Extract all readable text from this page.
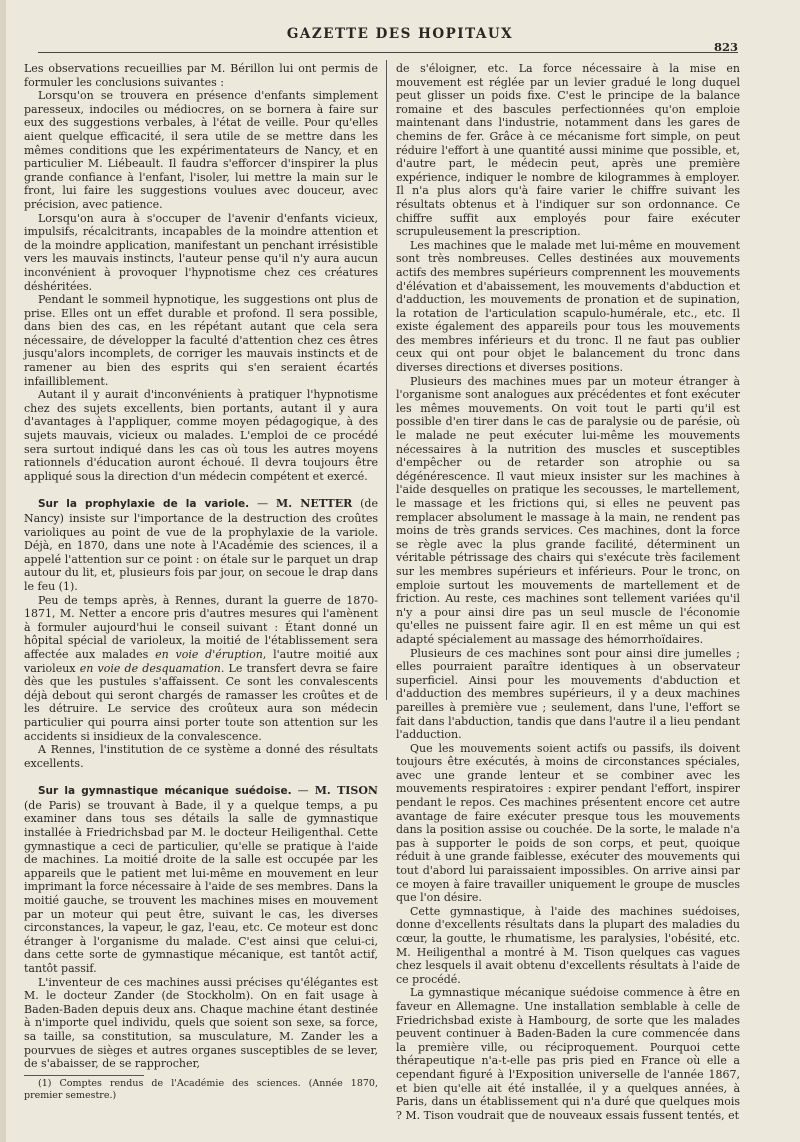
GAZETTE DES HOPITAUX
823

Les observations recueillies par M. Bérillon lui ont permis de formuler les conclusions suivantes :

Lorsqu'on se trouvera en présence d'enfants simplement paresseux, indociles ou médiocres, on se bornera à faire sur eux des suggestions verbales, à l'état de veille. Pour qu'elles aient quelque efficacité, il sera utile de se mettre dans les mêmes conditions que les expérimentateurs de Nancy, et en particulier M. Liébeault. Il faudra s'efforcer d'inspirer la plus grande confiance à l'enfant, l'isoler, lui mettre la main sur le front, lui faire les suggestions voulues avec douceur, avec précision, avec patience.

Lorsqu'on aura à s'occuper de l'avenir d'enfants vicieux, impulsifs, récalcitrants, incapables de la moindre attention et de la moindre application, manifestant un penchant irrésistible vers les mauvais instincts, l'auteur pense qu'il n'y aura aucun inconvénient à provoquer l'hypnotisme chez ces créatures déshéritées.

Pendant le sommeil hypnotique, les suggestions ont plus de prise. Elles ont un effet durable et profond. Il sera possible, dans bien des cas, en les répétant autant que cela sera nécessaire, de développer la faculté d'attention chez ces êtres jusqu'alors incomplets, de corriger les mauvais instincts et de ramener au bien des esprits qui s'en seraient écartés infailliblement.

Autant il y aurait d'inconvénients à pratiquer l'hypnotisme chez des sujets excellents, bien portants, autant il y aura d'avantages à l'appliquer, comme moyen pédagogique, à des sujets mauvais, vicieux ou malades. L'emploi de ce procédé sera surtout indiqué dans les cas où tous les autres moyens rationnels d'éducation auront échoué. Il devra toujours être appliqué sous la direction d'un médecin compétent et exercé.

Sur la prophylaxie de la variole. — M. NETTER (de Nancy) insiste sur l'importance de la destruction des croûtes varioliques au point de vue de la prophylaxie de la variole. Déjà, en 1870, dans une note à l'Académie des sciences, il a appelé l'attention sur ce point : on étale sur le parquet un drap autour du lit, et, plusieurs fois par jour, on secoue le drap dans le feu (1).

Peu de temps après, à Rennes, durant la guerre de 1870-1871, M. Netter a encore pris d'autres mesures qui l'amènent à formuler aujourd'hui le conseil suivant : Étant donné un hôpital spécial de varioleux, la moitié de l'établissement sera affectée aux malades en voie d'éruption, l'autre moitié aux varioleux en voie de desquamation. Le transfert devra se faire dès que les pustules s'affaissent. Ce sont les convalescents déjà debout qui seront chargés de ramasser les croûtes et de les détruire. Le service des croûteux aura son médecin particulier qui pourra ainsi porter toute son attention sur les accidents si insidieux de la convalescence.

A Rennes, l'institution de ce système a donné des résultats excellents.

Sur la gymnastique mécanique suédoise. — M. TISON (de Paris) se trouvant à Bade, il y a quelque temps, a pu examiner dans tous ses détails la salle de gymnastique installée à Friedrichsbad par M. le docteur Heiligenthal. Cette gymnastique a ceci de particulier, qu'elle se pratique à l'aide de machines. La moitié droite de la salle est occupée par les appareils que le patient met lui-même en mouvement en leur imprimant la force nécessaire à l'aide de ses membres. Dans la moitié gauche, se trouvent les machines mises en mouvement par un moteur qui peut être, suivant le cas, les diverses circonstances, la vapeur, le gaz, l'eau, etc. Ce moteur est donc étranger à l'organisme du malade. C'est ainsi que celui-ci, dans cette sorte de gymnastique mécanique, est tantôt actif, tantôt passif.

L'inventeur de ces machines aussi précises qu'élégantes est M. le docteur Zander (de Stockholm). On en fait usage à Baden-Baden depuis deux ans. Chaque machine étant destinée à n'importe quel individu, quels que soient son sexe, sa force, sa taille, sa constitution, sa musculature, M. Zander les a pourvues de sièges et autres organes susceptibles de se lever, de s'abaisser, de se rapprocher,

(1) Comptes rendus de l'Académie des sciences. (Année 1870, premier semestre.)

de s'éloigner, etc. La force nécessaire à la mise en mouvement est réglée par un levier gradué le long duquel peut glisser un poids fixe. C'est le principe de la balance romaine et des bascules perfectionnées qu'on emploie maintenant dans l'industrie, notamment dans les gares de chemins de fer. Grâce à ce mécanisme fort simple, on peut réduire l'effort à une quantité aussi minime que possible, et, d'autre part, le médecin peut, après une première expérience, indiquer le nombre de kilogrammes à employer. Il n'a plus alors qu'à faire varier le chiffre suivant les résultats obtenus et à l'indiquer sur son ordonnance. Ce chiffre suffit aux employés pour faire exécuter scrupuleusement la prescription.

Les machines que le malade met lui-même en mouvement sont très nombreuses. Celles destinées aux mouvements actifs des membres supérieurs comprennent les mouvements d'élévation et d'abaissement, les mouvements d'abduction et d'adduction, les mouvements de pronation et de supination, la rotation de l'articulation scapulo-humérale, etc., etc. Il existe également des appareils pour tous les mouvements des membres inférieurs et du tronc. Il ne faut pas oublier ceux qui ont pour objet le balancement du tronc dans diverses directions et diverses positions.

Plusieurs des machines mues par un moteur étranger à l'organisme sont analogues aux précédentes et font exécuter les mêmes mouvements. On voit tout le parti qu'il est possible d'en tirer dans le cas de paralysie ou de parésie, où le malade ne peut exécuter lui-même les mouvements nécessaires à la nutrition des muscles et susceptibles d'empêcher ou de retarder son atrophie ou sa dégénérescence. Il vaut mieux insister sur les machines à l'aide desquelles on pratique les secousses, le martellement, le massage et les frictions qui, si elles ne peuvent pas remplacer absolument le massage à la main, ne rendent pas moins de très grands services. Ces machines, dont la force se règle avec la plus grande facilité, déterminent un véritable pétrissage des chairs qui s'exécute très facilement sur les membres supérieurs et inférieurs. Pour le tronc, on emploie surtout les mouvements de martellement et de friction. Au reste, ces machines sont tellement variées qu'il n'y a pour ainsi dire pas un seul muscle de l'économie qu'elles ne puissent faire agir. Il en est même un qui est adapté spécialement au massage des hémorrhoïdaires.

Plusieurs de ces machines sont pour ainsi dire jumelles ; elles pourraient paraître identiques à un observateur superficiel. Ainsi pour les mouvements d'abduction et d'adduction des membres supérieurs, il y a deux machines pareilles à première vue ; seulement, dans l'une, l'effort se fait dans l'abduction, tandis que dans l'autre il a lieu pendant l'adduction.

Que les mouvements soient actifs ou passifs, ils doivent toujours être exécutés, à moins de circonstances spéciales, avec une grande lenteur et se combiner avec les mouvements respiratoires : expirer pendant l'effort, inspirer pendant le repos. Ces machines présentent encore cet autre avantage de faire exécuter presque tous les mouvements dans la position assise ou couchée. De la sorte, le malade n'a pas à supporter le poids de son corps, et peut, quoique réduit à une grande faiblesse, exécuter des mouvements qui tout d'abord lui paraissaient impossibles. On arrive ainsi par ce moyen à faire travailler uniquement le groupe de muscles que l'on désire.

Cette gymnastique, à l'aide des machines suédoises, donne d'excellents résultats dans la plupart des maladies du cœur, la goutte, le rhumatisme, les paralysies, l'obésité, etc. M. Heiligenthal a montré à M. Tison quelques cas vagues chez lesquels il avait obtenu d'excellents résultats à l'aide de ce procédé.

La gymnastique mécanique suédoise commence à être en faveur en Allemagne. Une installation semblable à celle de Friedrichsbad existe à Hambourg, de sorte que les malades peuvent continuer à Baden-Baden la cure commencée dans la première ville, ou réciproquement. Pourquoi cette thérapeutique n'a-t-elle pas pris pied en France où elle a cependant figuré à l'Exposition universelle de l'année 1867, et bien qu'elle ait été installée, il y a quelques années, à Paris, dans un établissement qui n'a duré que quelques mois ? M. Tison voudrait que de nouveaux essais fussent tentés, et
